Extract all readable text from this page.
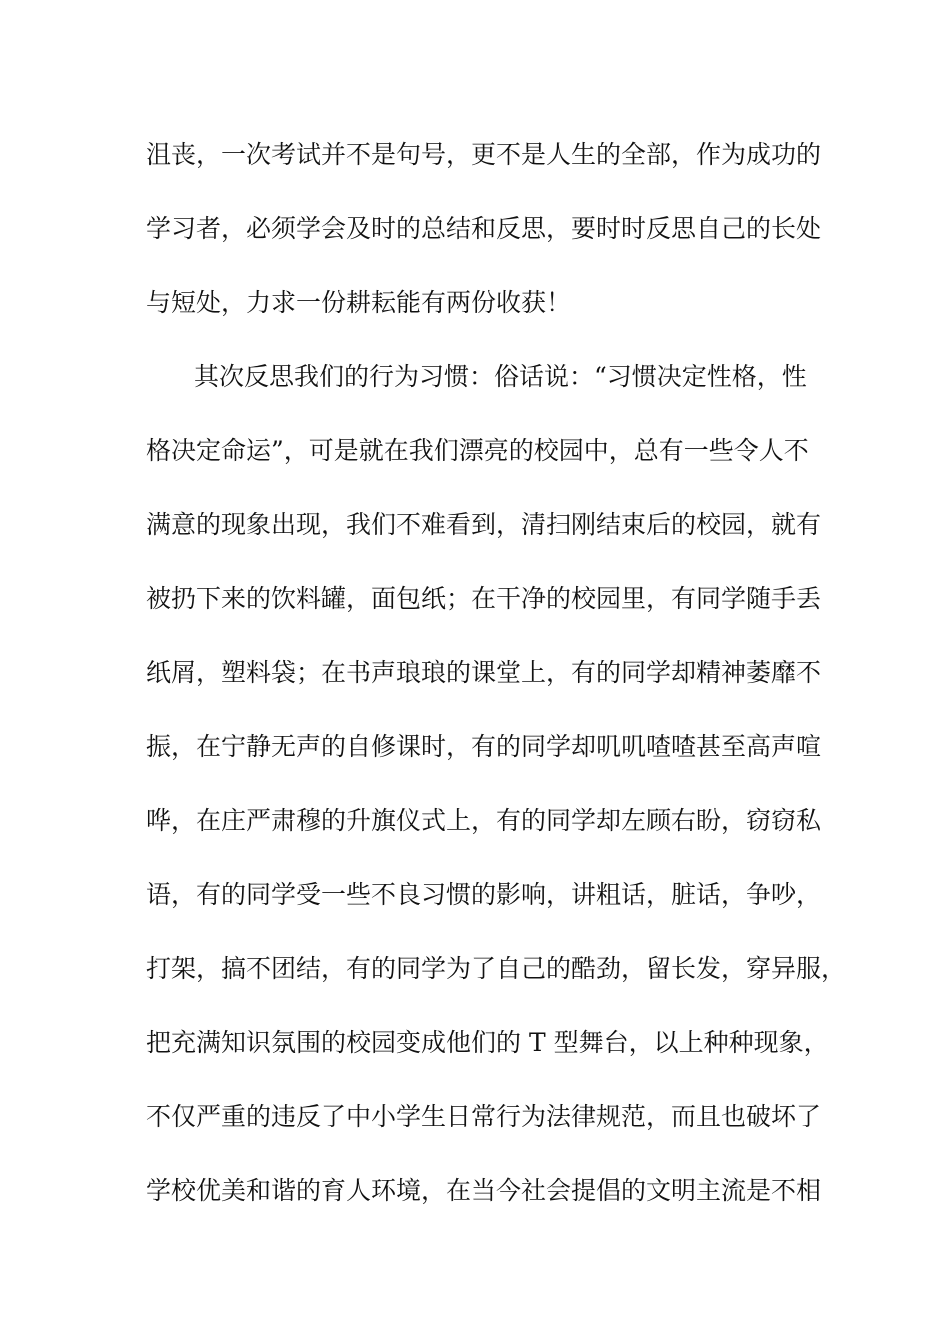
沮丧，一次考试并不是句号，更不是人生的全部，作为成功的
学习者，必须学会及时的总结和反思，要时时反思自己的长处
与短处，力求一份耕耘能有两份收获！
其次反思我们的行为习惯：俗话说：“习惯决定性格，性
格决定命运”，可是就在我们漂亮的校园中，总有一些令人不
满意的现象出现，我们不难看到，清扫刚结束后的校园，就有
被扔下来的饮料罐，面包纸；在干净的校园里，有同学随手丢
纸屑，塑料袋；在书声琅琅的课堂上，有的同学却精神萎靡不
振，在宁静无声的自修课时，有的同学却叽叽喳喳甚至高声喧
哗，在庄严肃穆的升旗仪式上，有的同学却左顾右盼，窃窃私
语，有的同学受一些不良习惯的影响，讲粗话，脏话，争吵，
打架，搞不团结，有的同学为了自己的酷劲，留长发，穿异服，
把充满知识氛围的校园变成他们的 T 型舞台，以上种种现象，
不仅严重的违反了中小学生日常行为法律规范，而且也破坏了
学校优美和谐的育人环境，在当今社会提倡的文明主流是不相
